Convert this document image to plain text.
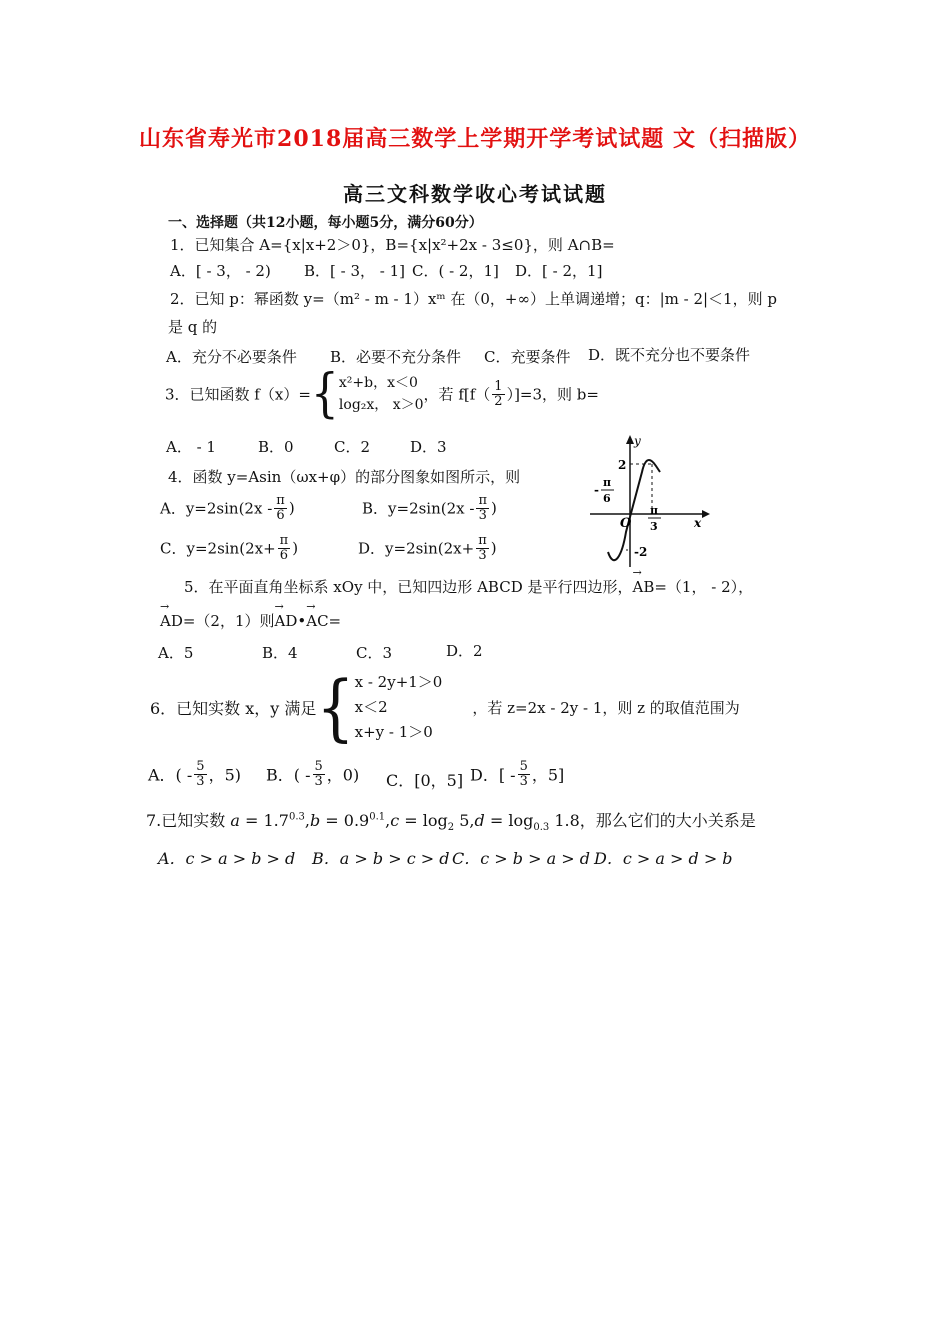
山东省寿光市2018届高三数学上学期开学考试试题 文（扫描版）
高三文科数学收心考试试题
一、选择题（共12小题，每小题5分，满分60分）
1．已知集合 A={x|x+2＞0}，B={x|x²+2x - 3≤0}，则 A∩B=
A．[ - 3， - 2) B．[ - 3， - 1] C．( - 2，1] D．[ - 2，1]
2．已知 p：幂函数 y=（m² - m - 1）xᵐ 在（0，+∞）上单调递增；q：|m - 2|＜1，则 p
是 q 的
A．充分不必要条件 B．必要不充分条件 C．充要条件 D．既不充分也不要条件
3．已知函数 f（x）={ x²+b，x＜0
log₂x， x＞0
，若 $f[f( \frac{1}{2} )]=3$，则 b=
A． - 1	B．0	C．2	D．3
4．函数 y=Asin（ωx+φ）的部分图象如图所示，则
A．$y=2\sin(2x - \frac{\pi}{6}$ )	B．$y=2\sin(2x - \frac{\pi}{3}$ )
C．$y=2\sin(2x+ \frac{\pi}{6}$ )	D．$y=2\sin(2x+ \frac{\pi}{3}$ )
y
x
O
2
-2
-
π
6
π
3
5．在平面直角坐标系 xOy 中，已知四边形 ABCD 是平行四边形，→ AB=（1， - 2），
→ AD=（2，1）则→ AD•→ AC=
A．5	B．4	C．3	D．2
6．已知实数 x，y 满足{ x - 2y+1＞0
x＜2
x+y - 1＞0
，若 z=2x - 2y - 1，则 z 的取值范围为
A．( - $\frac{5}{3}$ ，5) B．( - $\frac{5}{3}$ ，0) C．[0，5] D．[ - $\frac{5}{3}$ ，5]
7.已知实数 $a = 1.7^{0.3},b = 0.9^{0.1},c = \log_2 5,d = \log_{0.3} 1.8$，那么它们的大小关系是
A．c > a > b > d B．a > b > c > d C．c > b > a > d D．c > a > d > b
